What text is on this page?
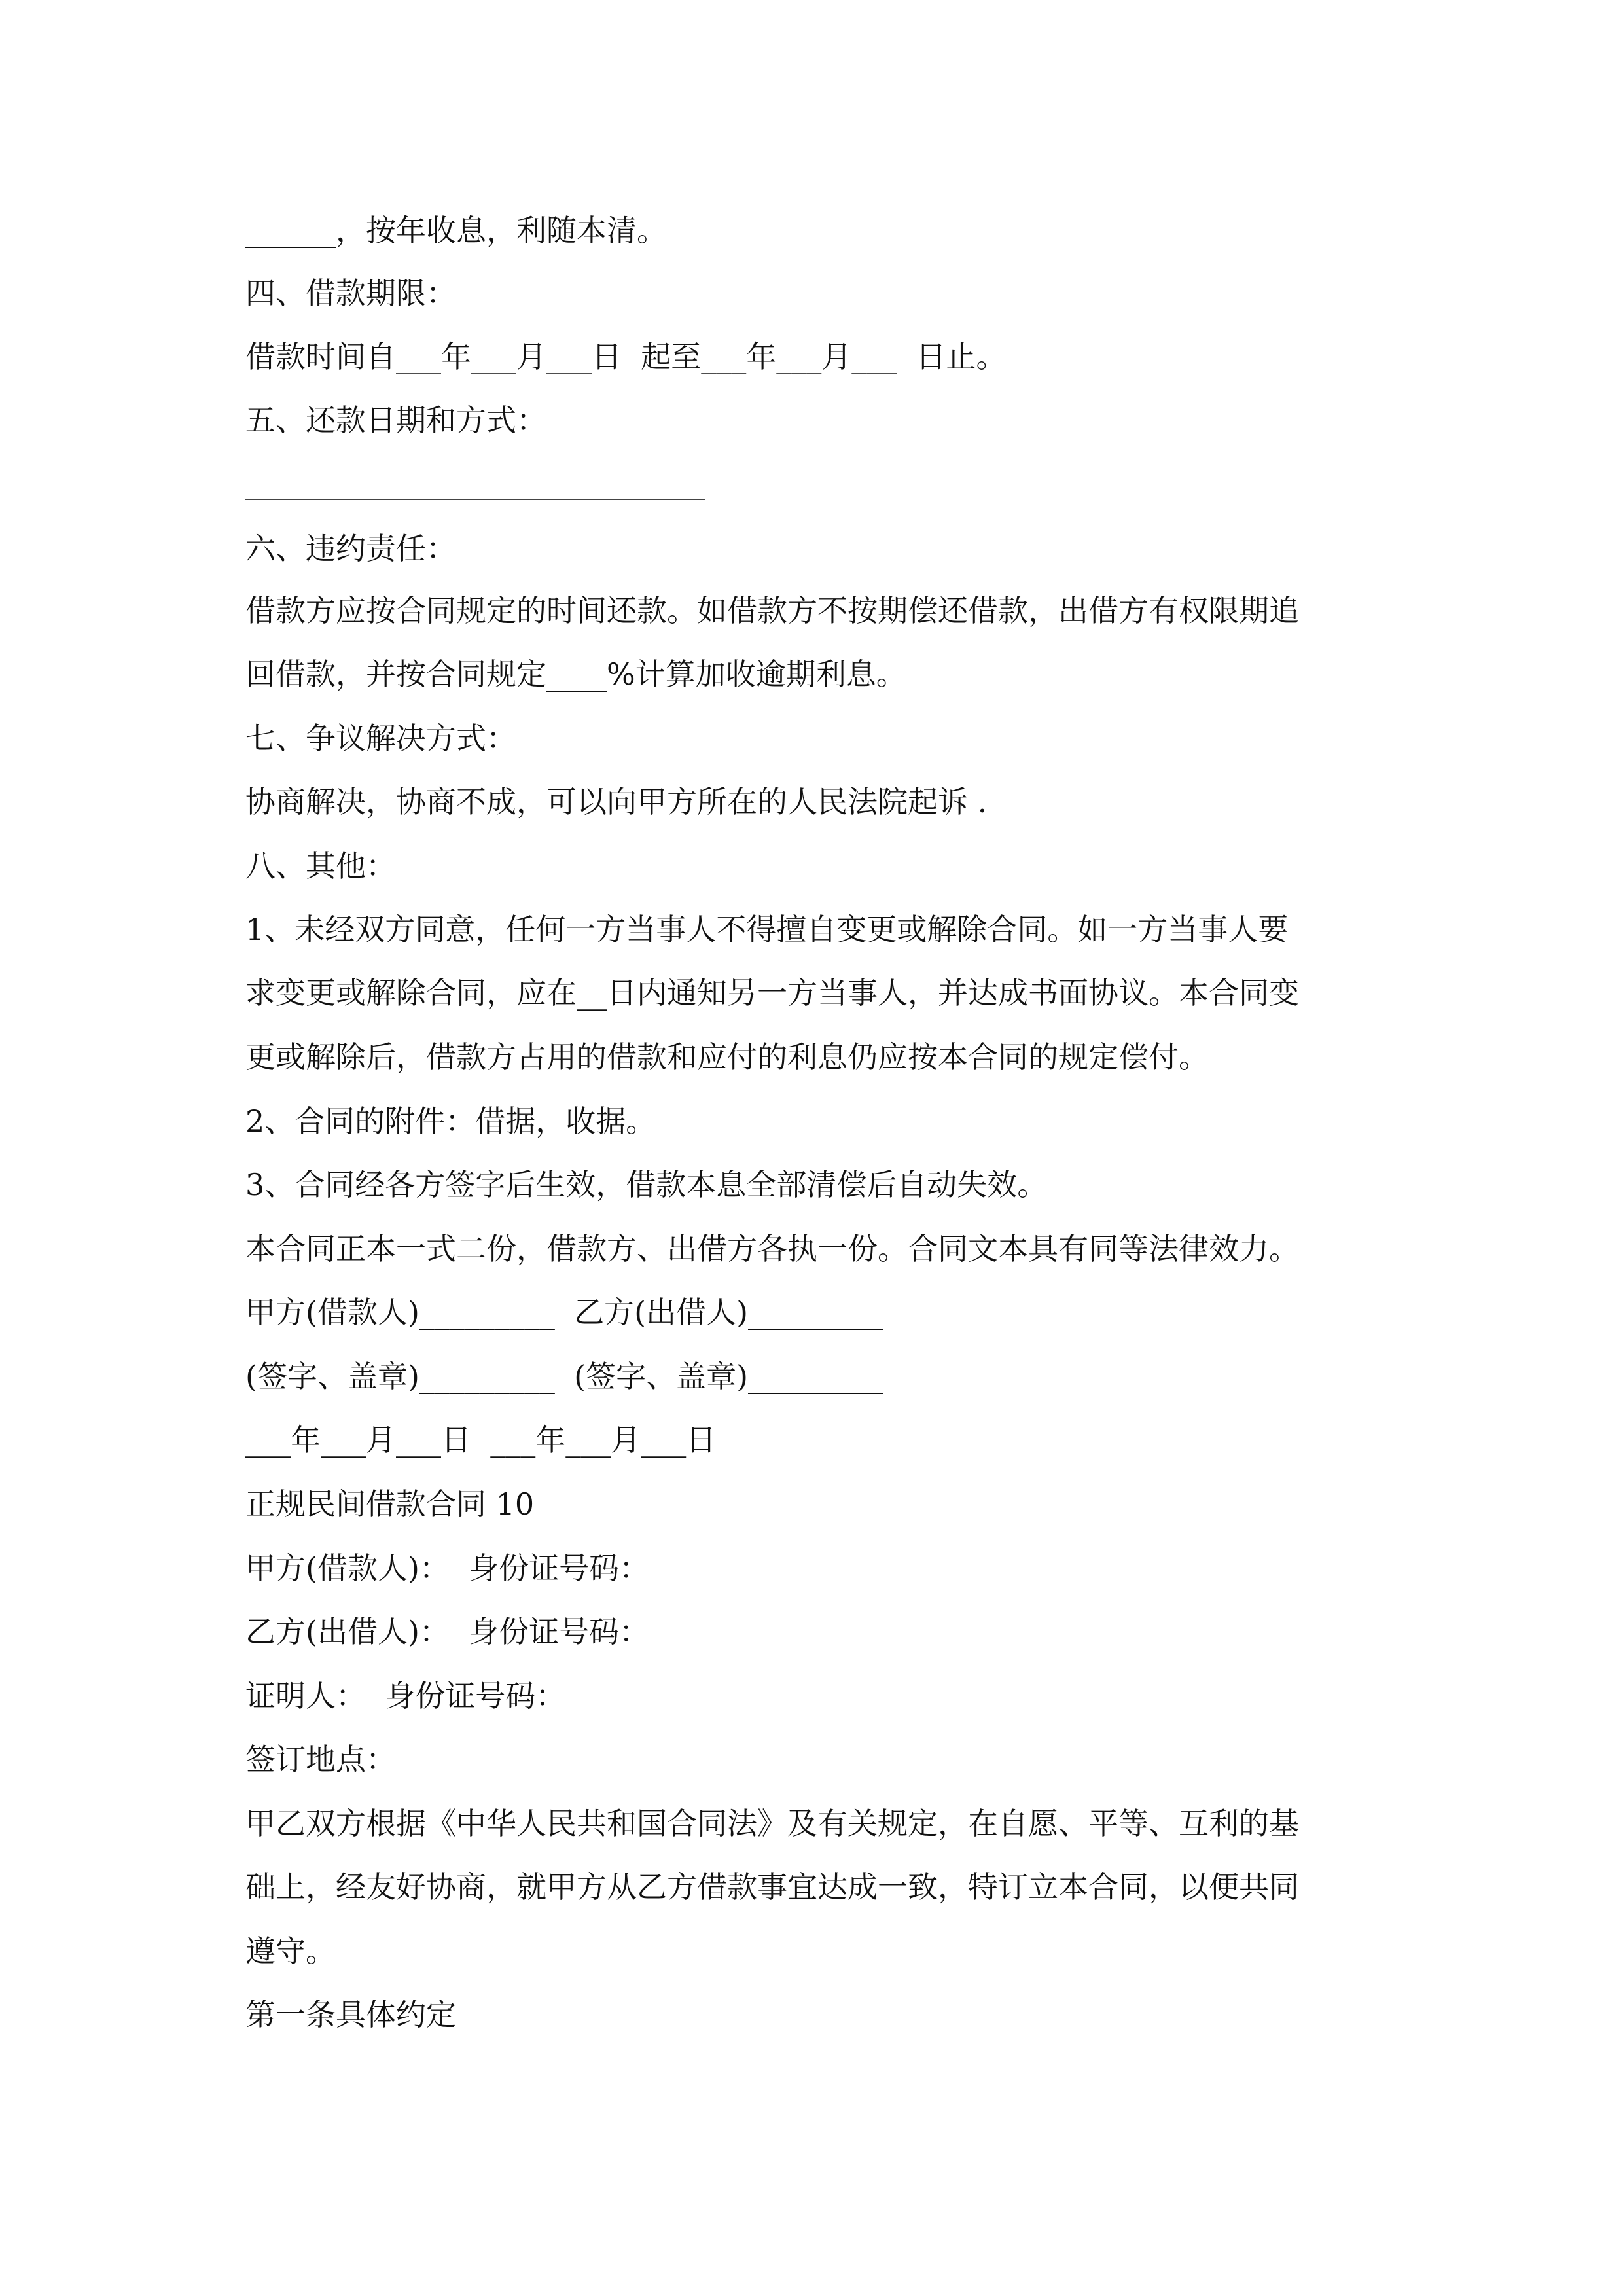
______，按年收息，利随本清。
四、借款期限：
借款时间自___年___月___日  起至___年___月___  日止。
五、还款日期和方式：
六、违约责任：
借款方应按合同规定的时间还款。如借款方不按期偿还借款，出借方有权限期追
回借款，并按合同规定____%计算加收逾期利息。
七、争议解决方式：
协商解决，协商不成，可以向甲方所在的人民法院起诉 .
八、其他：
1、未经双方同意，任何一方当事人不得擅自变更或解除合同。如一方当事人要
求变更或解除合同，应在__日内通知另一方当事人，并达成书面协议。本合同变
更或解除后，借款方占用的借款和应付的利息仍应按本合同的规定偿付。
2、合同的附件：借据，收据。
3、合同经各方签字后生效，借款本息全部清偿后自动失效。
本合同正本一式二份，借款方、出借方各执一份。合同文本具有同等法律效力。
甲方(借款人)_________  乙方(出借人)_________
(签字、盖章)_________  (签字、盖章)_________
___年___月___日  ___年___月___日
正规民间借款合同 10
甲方(借款人)：  身份证号码：
乙方(出借人)：  身份证号码：
证明人：  身份证号码：
签订地点：
甲乙双方根据《中华人民共和国合同法》及有关规定，在自愿、平等、互利的基
础上，经友好协商，就甲方从乙方借款事宜达成一致，特订立本合同，以便共同
遵守。
第一条具体约定
